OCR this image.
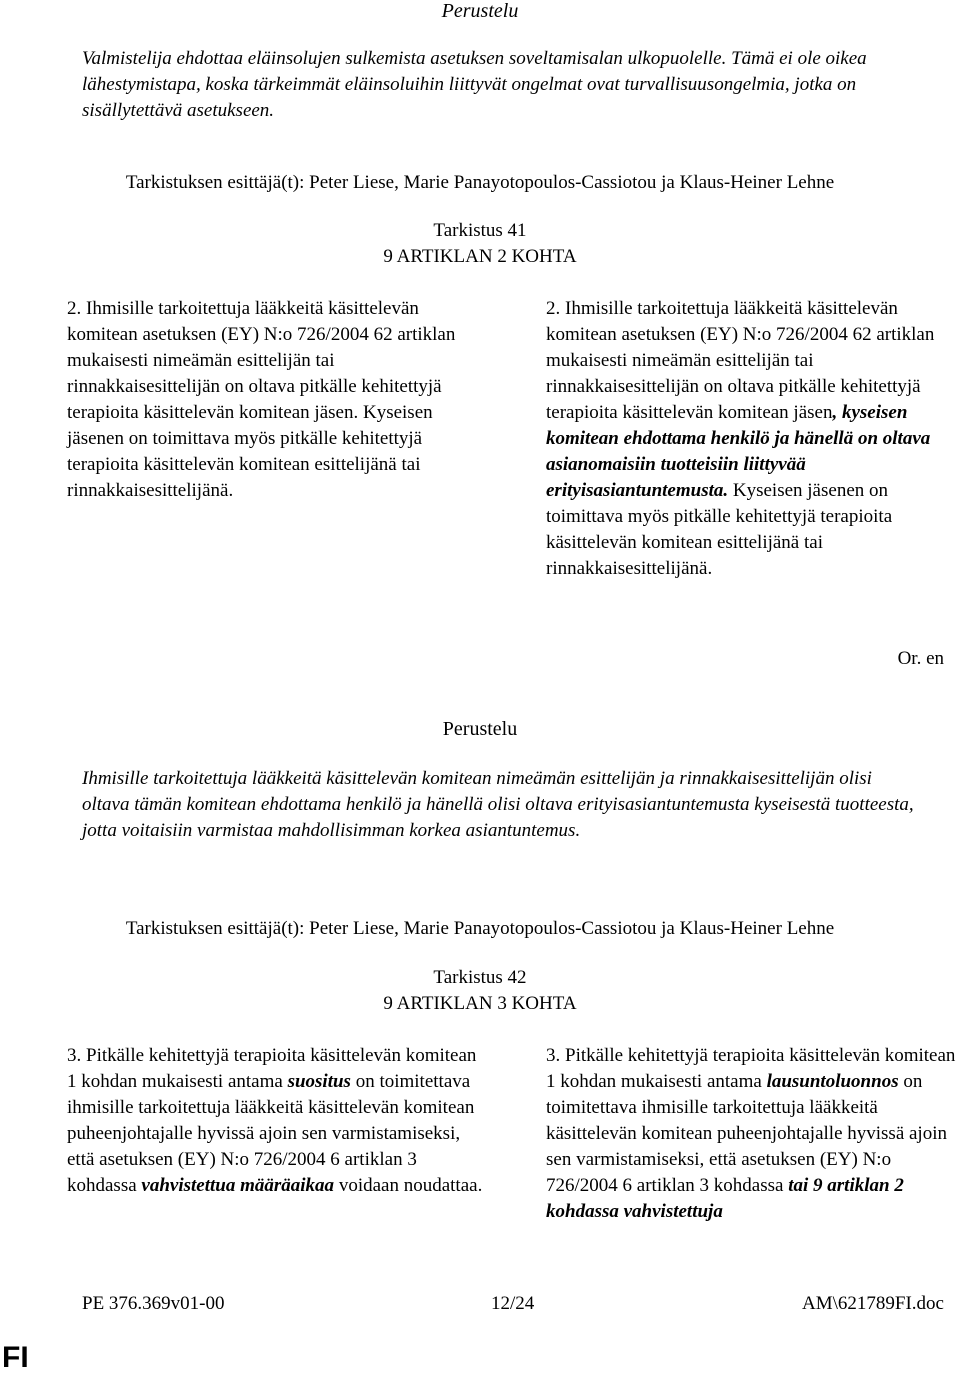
Perustelu

Valmistelija ehdottaa eläinsolujen sulkemista asetuksen soveltamisalan ulkopuolelle. Tämä ei ole oikea lähestymistapa, koska tärkeimmät eläinsoluihin liittyvät ongelmat ovat turvallisuusongelmia, jotka on sisällytettävä asetukseen.

Tarkistuksen esittäjä(t): Peter Liese, Marie Panayotopoulos-Cassiotou ja Klaus-Heiner Lehne
Tarkistus 41
9 ARTIKLAN 2 KOHTA
2. Ihmisille tarkoitettuja lääkkeitä käsittelevän komitean asetuksen (EY) N:o 726/2004 62 artiklan mukaisesti nimeämän esittelijän tai rinnakkaisesittelijän on oltava pitkälle kehitettyjä terapioita käsittelevän komitean jäsen. Kyseisen jäsenen on toimittava myös pitkälle kehitettyjä terapioita käsittelevän komitean esittelijänä tai rinnakkaisesittelijänä.
2. Ihmisille tarkoitettuja lääkkeitä käsittelevän komitean asetuksen (EY) N:o 726/2004 62 artiklan mukaisesti nimeämän esittelijän tai rinnakkaisesittelijän on oltava pitkälle kehitettyjä terapioita käsittelevän komitean jäsen, kyseisen komitean ehdottama henkilö ja hänellä on oltava asianomaisiin tuotteisiin liittyvää erityisasiantuntemusta. Kyseisen jäsenen on toimittava myös pitkälle kehitettyjä terapioita käsittelevän komitean esittelijänä tai rinnakkaisesittelijänä.
Or. en
Perustelu

Ihmisille tarkoitettuja lääkkeitä käsittelevän komitean nimeämän esittelijän ja rinnakkaisesittelijän olisi oltava tämän komitean ehdottama henkilö ja hänellä olisi oltava erityisasiantuntemusta kyseisestä tuotteesta, jotta voitaisiin varmistaa mahdollisimman korkea asiantuntemus.

Tarkistuksen esittäjä(t): Peter Liese, Marie Panayotopoulos-Cassiotou ja Klaus-Heiner Lehne
Tarkistus 42
9 ARTIKLAN 3 KOHTA
3. Pitkälle kehitettyjä terapioita käsittelevän komitean 1 kohdan mukaisesti antama suositus on toimitettava ihmisille tarkoitettuja lääkkeitä käsittelevän komitean puheenjohtajalle hyvissä ajoin sen varmistamiseksi, että asetuksen (EY) N:o 726/2004 6 artiklan 3 kohdassa vahvistettua määräaikaa voidaan noudattaa.
3. Pitkälle kehitettyjä terapioita käsittelevän komitean 1 kohdan mukaisesti antama lausuntoluonnos on toimitettava ihmisille tarkoitettuja lääkkeitä käsittelevän komitean puheenjohtajalle hyvissä ajoin sen varmistamiseksi, että asetuksen (EY) N:o 726/2004 6 artiklan 3 kohdassa tai 9 artiklan 2 kohdassa vahvistettuja
PE 376.369v01-00	12/24	AM\621789FI.doc
FI
